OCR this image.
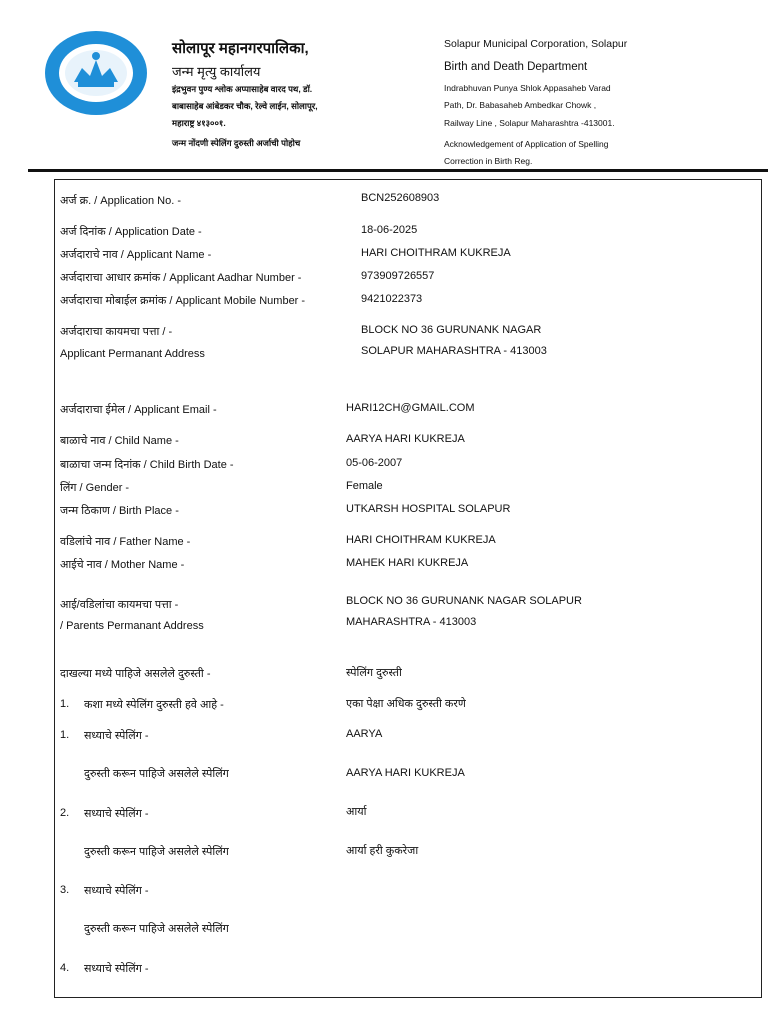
सोलापूर महानगरपालिका,
जन्म मृत्यु कार्यालय
इंद्रभुवन पुण्य श्लोक अप्पासाहेब वारद पथ, डॉ.
बाबासाहेब आंबेडकर चौक, रेल्वे लाईन, सोलापूर,
महाराष्ट्र ४१३००१.
जन्म नोंदणी स्पेलिंग दुरुस्ती अर्जाची पोहोच
Solapur Municipal Corporation, Solapur
Birth and Death Department
Indrabhuvan Punya Shlok Appasaheb Varad
Path, Dr. Babasaheb Ambedkar Chowk ,
Railway Line , Solapur Maharashtra -413001.
Acknowledgement of Application of Spelling
Correction in Birth Reg.
अर्ज क्र. / Application No. -	BCN252608903
अर्ज दिनांक / Application Date -	18-06-2025
अर्जदाराचे नाव / Applicant Name -	HARI CHOITHRAM KUKREJA
अर्जदाराचा आधार क्रमांक / Applicant Aadhar Number -	973909726557
अर्जदाराचा मोबाईल क्रमांक / Applicant Mobile Number -	9421022373
अर्जदाराचा कायमचा पत्ता / -
Applicant Permanant Address
BLOCK NO 36 GURUNANK NAGAR
SOLAPUR MAHARASHTRA - 413003
अर्जदाराचा ईमेल / Applicant Email -	HARI12CH@GMAIL.COM
बाळाचे नाव / Child Name -	AARYA HARI KUKREJA
बाळाचा जन्म दिनांक / Child Birth Date -	05-06-2007
लिंग / Gender -	Female
जन्म ठिकाण / Birth Place -	UTKARSH HOSPITAL SOLAPUR
वडिलांचे नाव / Father Name -	HARI CHOITHRAM KUKREJA
आईचे नाव / Mother Name -	MAHEK HARI KUKREJA
आई/वडिलांचा कायमचा पत्ता -
/ Parents Permanant Address
BLOCK NO 36 GURUNANK NAGAR SOLAPUR
MAHARASHTRA - 413003
दाखल्या मध्ये पाहिजे असलेले दुरुस्ती -	स्पेलिंग दुरुस्ती
1. कशा मध्ये स्पेलिंग दुरुस्ती हवे आहे -	एका पेक्षा अधिक दुरुस्ती करणे
1. सध्याचे स्पेलिंग -	AARYA
दुरुस्ती करून पाहिजे असलेले स्पेलिंग	AARYA HARI KUKREJA
2. सध्याचे स्पेलिंग -	आर्या
दुरुस्ती करून पाहिजे असलेले स्पेलिंग	आर्या हरी कुकरेजा
3. सध्याचे स्पेलिंग -
दुरुस्ती करून पाहिजे असलेले स्पेलिंग
4. सध्याचे स्पेलिंग -
